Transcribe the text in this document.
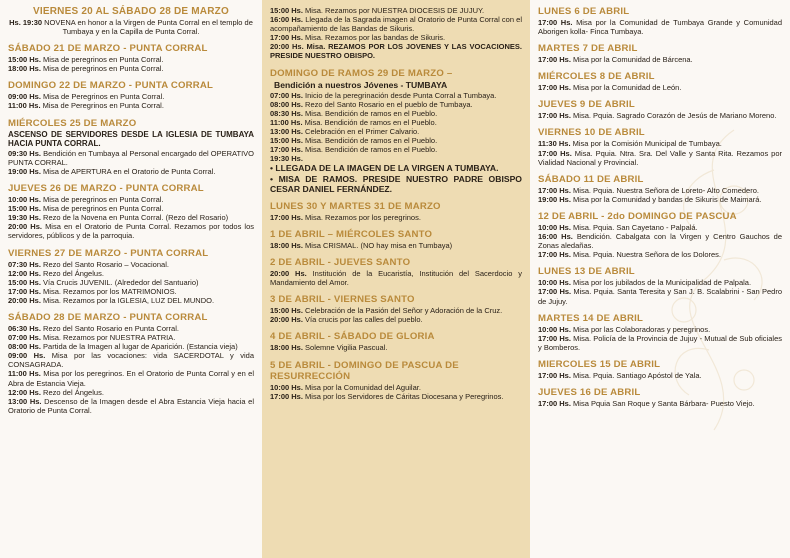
VIERNES 20 AL SÁBADO 28 DE MARZO

Hs. 19:30 NOVENA en honor a la Virgen de Punta Corral en el templo de Tumbaya y en la Capilla de Punta Corral.

SÁBADO 21 DE MARZO - PUNTA CORRAL

15:00 Hs. Misa de peregrinos en Punta Corral.

18:00 Hs. Misa de peregrinos en Punta Corral.

DOMINGO 22 DE MARZO - PUNTA CORRAL

09:00 Hs. Misa de Peregrinos en Punta Corral.

11:00 Hs. Misa de Peregrinos en Punta Corral.

MIÉRCOLES 25 DE MARZO

ASCENSO DE SERVIDORES DESDE LA IGLESIA DE TUMBAYA HACIA PUNTA CORRAL.

09:30 Hs. Bendición en Tumbaya al Personal encargado del OPERATIVO PUNTA CORRAL.

19:00 Hs. Misa de APERTURA en el Oratorio de Punta Corral.

JUEVES 26 DE MARZO - PUNTA CORRAL

10:00 Hs. Misa de peregrinos en Punta Corral.

15:00 Hs. Misa de peregrinos en Punta Corral.

19:30 Hs. Rezo de la Novena en Punta Corral. (Rezo del Rosario)

20:00 Hs. Misa en el Oratorio de Punta Corral. Rezamos por todos los servidores, públicos y de la parroquia.

VIERNES 27 DE MARZO - PUNTA CORRAL

07:30 Hs. Rezo del Santo Rosario – Vocacional.

12:00 Hs. Rezo del Ángelus.

15:00 Hs. Vía Crucis JUVENIL. (Alrededor del Santuario)

17:00 Hs. Misa. Rezamos por los MATRIMONIOS.

20:00 Hs. Misa. Rezamos por la IGLESIA, LUZ DEL MUNDO.

SÁBADO 28 DE MARZO - PUNTA CORRAL

06:30 Hs. Rezo del Santo Rosario en Punta Corral.

07:00 Hs. Misa. Rezamos por NUESTRA PATRIA.

08:00 Hs. Partida de la Imagen al lugar de Aparición. (Estancia vieja)

09:00 Hs. Misa por las vocaciones: vida SACERDOTAL y vida CONSAGRADA.

11:00 Hs. Misa por los peregrinos. En el Oratorio de Punta Corral y en el Abra de Estancia Vieja.

12:00 Hs. Rezo del Ángelus.

13:00 Hs. Descenso de la Imagen desde el Abra Estancia Vieja hacia el Oratorio de Punta Corral.

15:00 Hs. Misa. Rezamos por NUESTRA DIOCESIS DE JUJUY.

16:00 Hs. Llegada de la Sagrada imagen al Oratorio de Punta Corral con el acompañamiento de las Bandas de Sikuris.

17:00 Hs. Misa. Rezamos por las bandas de Sikuris.

20:00 Hs. Misa. REZAMOS POR LOS JOVENES Y LAS VOCACIONES. PRESIDE NUESTRO OBISPO.

DOMINGO DE RAMOS 29 DE MARZO –
Bendición a nuestros Jóvenes - TUMBAYA

07:00 Hs. Inicio de la peregrinación desde Punta Corral a Tumbaya.

08:00 Hs. Rezo del Santo Rosario en el pueblo de Tumbaya.

08:30 Hs. Misa. Bendición de ramos en el Pueblo.

11:00 Hs. Misa. Bendición de ramos en el Pueblo.

13:00 Hs. Celebración en el Primer Calvario.

15:00 Hs. Misa. Bendición de ramos en el Pueblo.

17:00 Hs. Misa. Bendición de ramos en el Pueblo.

19:30 Hs.

• LLEGADA DE LA IMAGEN DE LA VIRGEN A TUMBAYA.

• MISA DE RAMOS. PRESIDE NUESTRO PADRE OBISPO CESAR DANIEL FERNÁNDEZ.

LUNES 30 Y MARTES 31 DE MARZO

17:00 Hs. Misa. Rezamos por los peregrinos.

1 DE ABRIL – MIÉRCOLES SANTO

18:00 Hs. Misa CRISMAL. (NO hay misa en Tumbaya)

2 DE ABRIL - JUEVES SANTO

20:00 Hs. Institución de la Eucaristía, Institución del Sacerdocio y Mandamiento del Amor.

3 DE ABRIL - VIERNES SANTO

15:00 Hs. Celebración de la Pasión del Señor y Adoración de la Cruz.

20:00 Hs. Vía crucis por las calles del pueblo.

4 DE ABRIL - SÁBADO DE GLORIA

18:00 Hs. Solemne Vigilia Pascual.

5 DE ABRIL - DOMINGO DE PASCUA DE RESURRECCIÓN

10:00 Hs. Misa por la Comunidad del Aguilar.

17:00 Hs. Misa por los Servidores de Cáritas Diocesana y Peregrinos.

LUNES 6 DE ABRIL

17:00 Hs. Misa por la Comunidad de Tumbaya Grande y Comunidad Aborigen kolla- Finca Tumbaya.

MARTES 7 DE ABRIL

17:00 Hs. Misa por la Comunidad de Bárcena.

MIÉRCOLES 8 DE ABRIL

17:00 Hs. Misa por la Comunidad de León.

JUEVES 9 DE ABRIL

17:00 Hs. Misa. Pquia. Sagrado Corazón de Jesús de Mariano Moreno.

VIERNES 10 DE ABRIL

11:30 Hs. Misa por la Comisión Municipal de Tumbaya.

17:00 Hs. Misa. Pquia. Ntra. Sra. Del Valle y Santa Rita. Rezamos por Vialidad Nacional y Provincial.

SÁBADO 11 DE ABRIL

17:00 Hs. Misa. Pquia. Nuestra Señora de Loreto- Alto Comedero.

19:00 Hs. Misa por la Comunidad y bandas de Sikuris de Maimará.

12 DE ABRIL - 2do DOMINGO DE PASCUA

10:00 Hs. Misa. Pquia. San Cayetano - Palpalá.

16:00 Hs. Bendición. Cabalgata con la Virgen y Centro Gauchos de Zonas aledañas.

17:00 Hs. Misa. Pquia. Nuestra Señora de los Dolores.

LUNES 13 DE ABRIL

10:00 Hs. Misa por los jubilados de la Municipalidad de Palpala.

17:00 Hs. Misa. Pquia. Santa Teresita y San J. B. Scalabrini - San Pedro de Jujuy.

MARTES 14 DE ABRIL

10:00 Hs. Misa por las Colaboradoras y peregrinos.

17:00 Hs. Misa. Policía de la Provincia de Jujuy - Mutual de Sub oficiales y Bomberos.

MIERCOLES 15 DE ABRIL

17:00 Hs. Misa. Pquia. Santiago Apóstol de Yala.

JUEVES 16 DE ABRIL

17:00 Hs. Misa Pquia San Roque y Santa Bárbara- Puesto Viejo.
